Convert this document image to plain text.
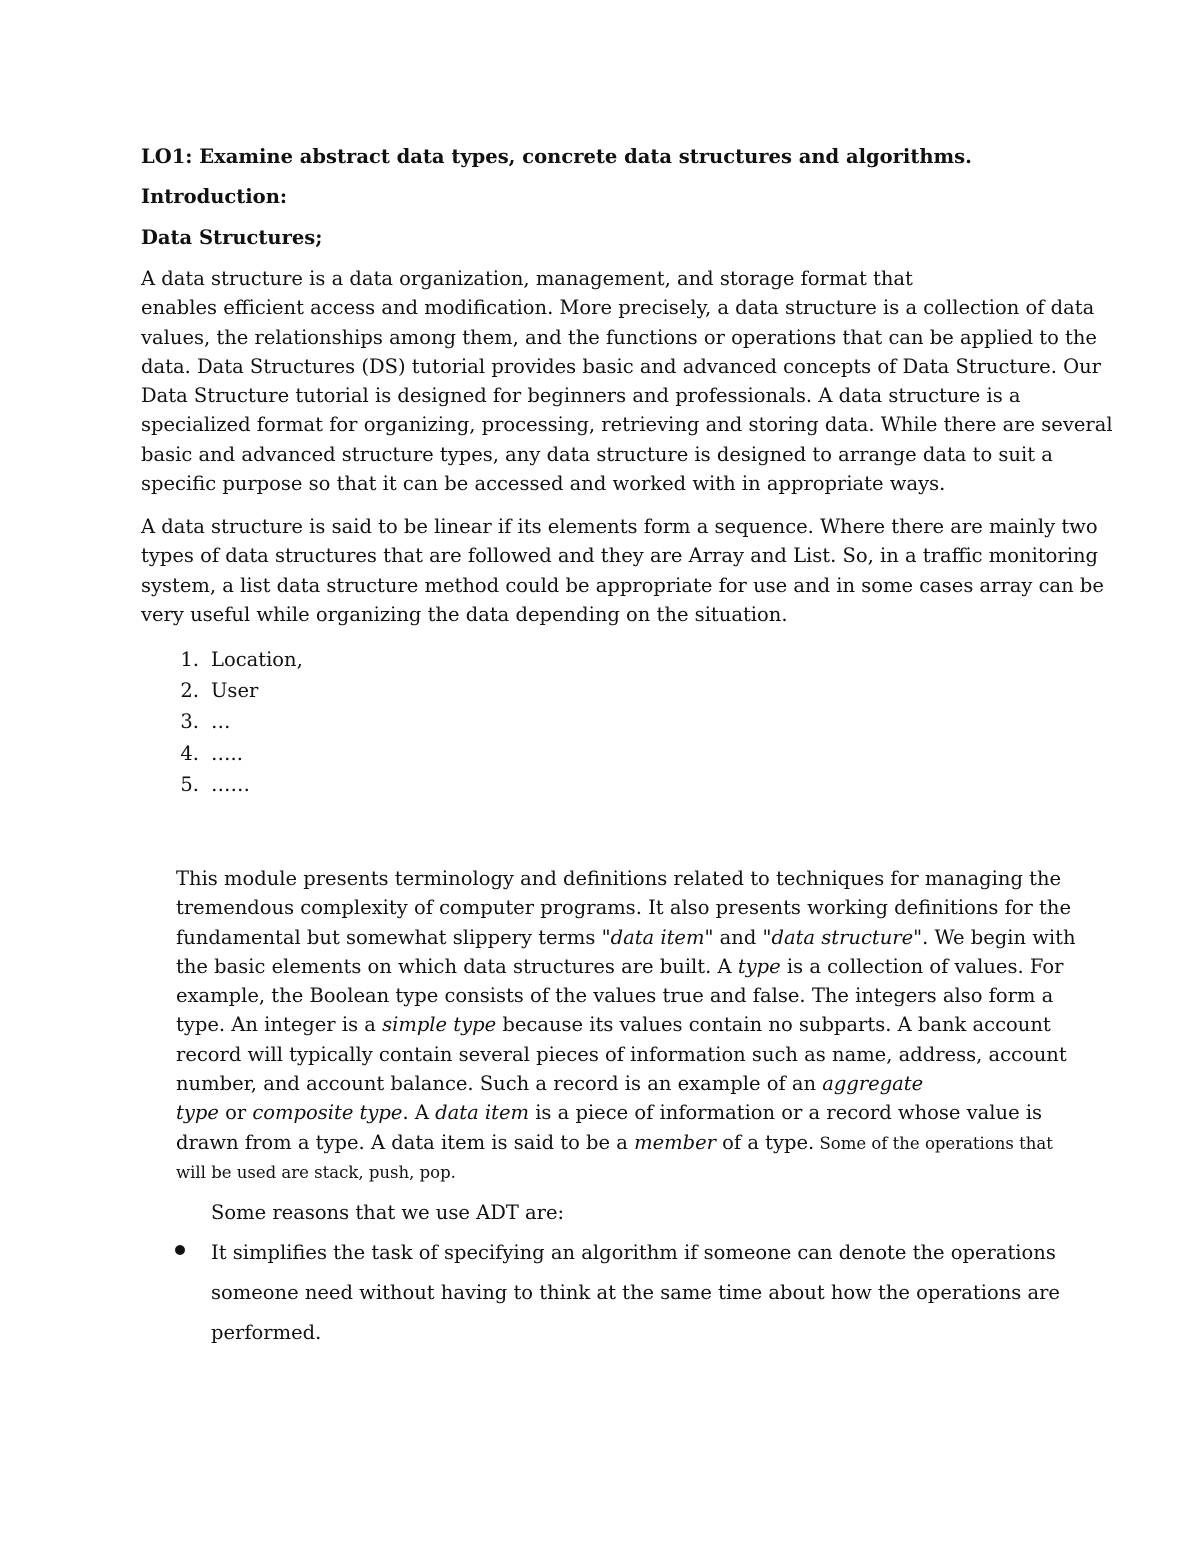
LO1: Examine abstract data types, concrete data structures and algorithms.
Introduction:
Data Structures;
A data structure is a data organization, management, and storage format that
enables efficient access and modification. More precisely, a data structure is a collection of data
values, the relationships among them, and the functions or operations that can be applied to the
data. Data Structures (DS) tutorial provides basic and advanced concepts of Data Structure. Our
Data Structure tutorial is designed for beginners and professionals. A data structure is a
specialized format for organizing, processing, retrieving and storing data. While there are several
basic and advanced structure types, any data structure is designed to arrange data to suit a
specific purpose so that it can be accessed and worked with in appropriate ways.
A data structure is said to be linear if its elements form a sequence. Where there are mainly two
types of data structures that are followed and they are Array and List. So, in a traffic monitoring
system, a list data structure method could be appropriate for use and in some cases array can be
very useful while organizing the data depending on the situation.
1. Location,
2. User
3. …
4. …..
5. ……
This module presents terminology and definitions related to techniques for managing the
tremendous complexity of computer programs. It also presents working definitions for the
fundamental but somewhat slippery terms "data item" and "data structure". We begin with
the basic elements on which data structures are built. A type is a collection of values. For
example, the Boolean type consists of the values true and false. The integers also form a
type. An integer is a simple type because its values contain no subparts. A bank account
record will typically contain several pieces of information such as name, address, account
number, and account balance. Such a record is an example of an aggregate
type or composite type. A data item is a piece of information or a record whose value is
drawn from a type. A data item is said to be a member of a type. Some of the operations that
will be used are stack, push, pop.
Some reasons that we use ADT are:
It simplifies the task of specifying an algorithm if someone can denote the operations
someone need without having to think at the same time about how the operations are
performed.
